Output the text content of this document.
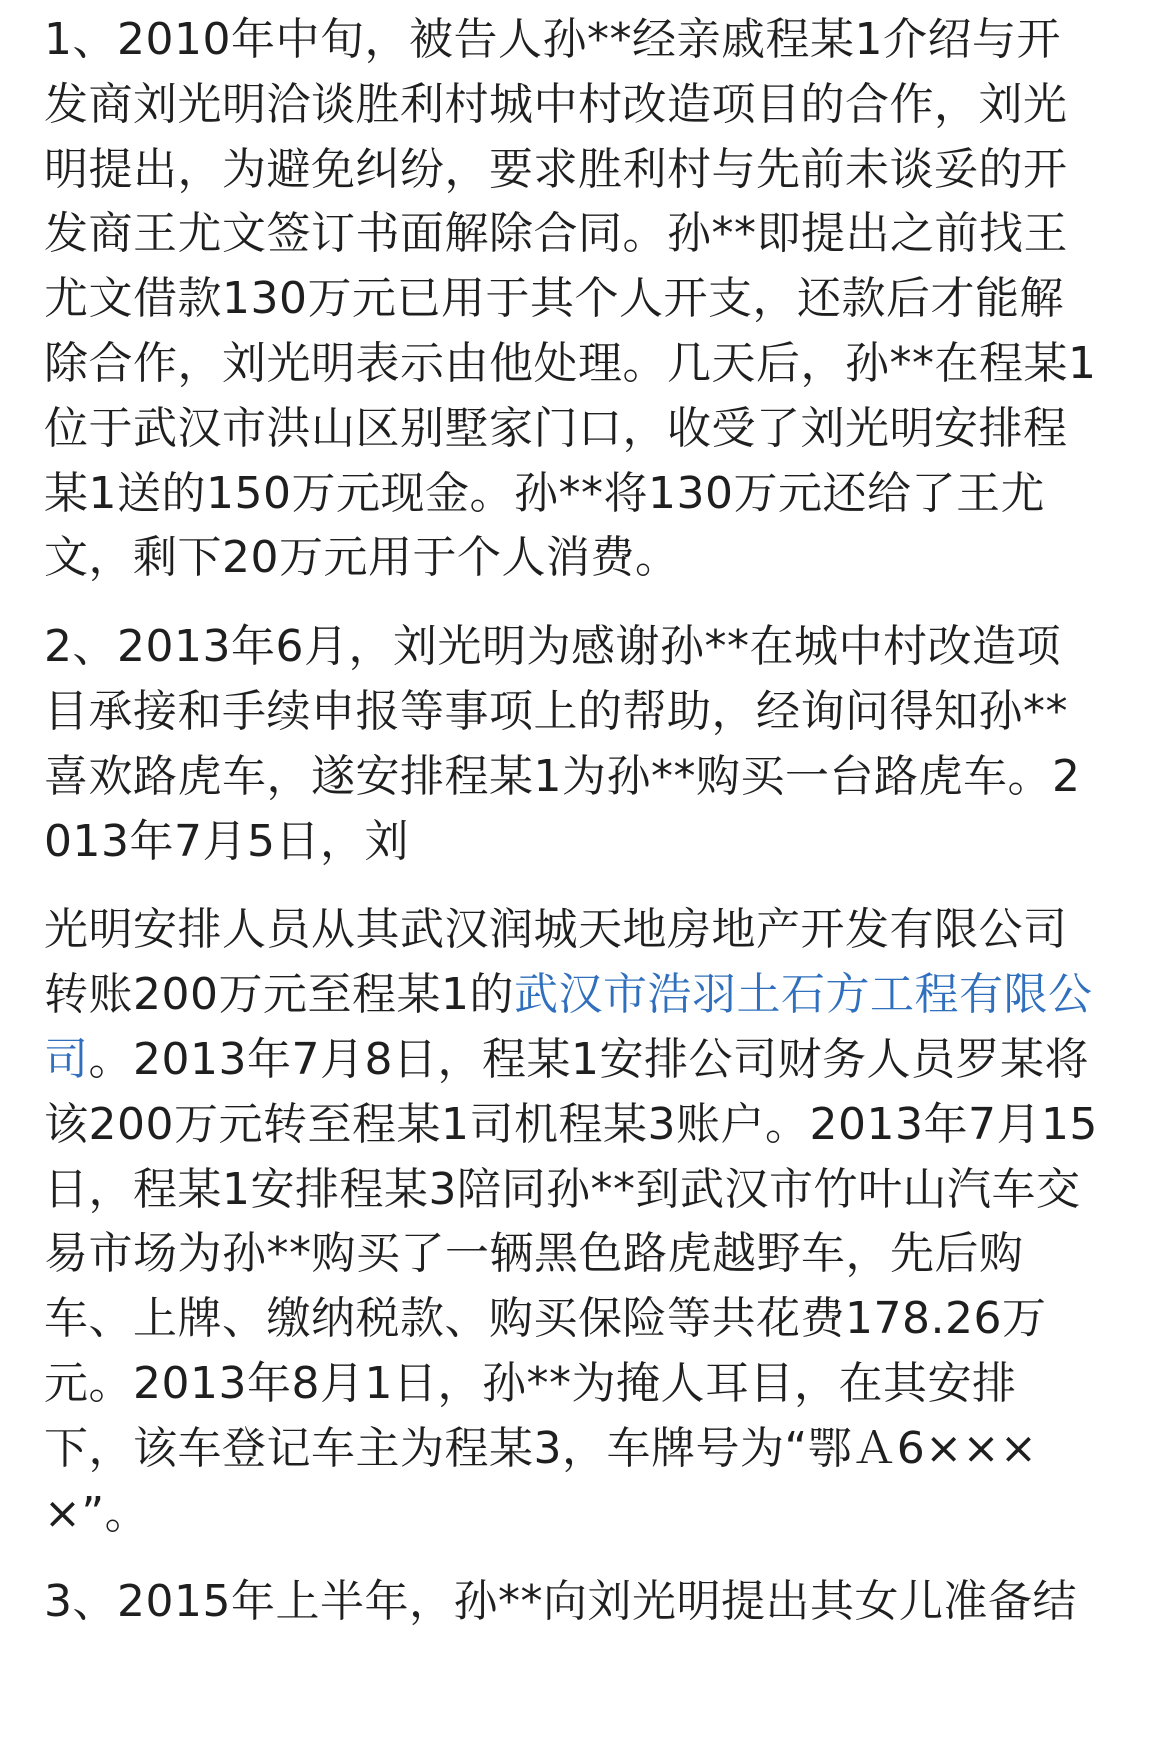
1、2010年中旬，被告人孙**经亲戚程某1介绍与开发商刘光明洽谈胜利村城中村改造项目的合作，刘光明提出，为避免纠纷，要求胜利村与先前未谈妥的开发商王尤文签订书面解除合同。孙**即提出之前找王尤文借款130万元已用于其个人开支，还款后才能解除合作，刘光明表示由他处理。几天后，孙**在程某1位于武汉市洪山区别墅家门口，收受了刘光明安排程某1送的150万元现金。孙**将130万元还给了王尤文，剩下20万元用于个人消费。

2、2013年6月，刘光明为感谢孙**在城中村改造项目承接和手续申报等事项上的帮助，经询问得知孙**喜欢路虎车，遂安排程某1为孙**购买一台路虎车。2013年7月5日，刘

光明安排人员从其武汉润城天地房地产开发有限公司转账200万元至程某1的武汉市浩羽土石方工程有限公司。2013年7月8日，程某1安排公司财务人员罗某将该200万元转至程某1司机程某3账户。2013年7月15日，程某1安排程某3陪同孙**到武汉市竹叶山汽车交易市场为孙**购买了一辆黑色路虎越野车，先后购车、上牌、缴纳税款、购买保险等共花费178.26万元。2013年8月1日，孙**为掩人耳目，在其安排下，该车登记车主为程某3，车牌号为“鄂Ａ6××××”。

3、2015年上半年，孙**向刘光明提出其女儿准备结
